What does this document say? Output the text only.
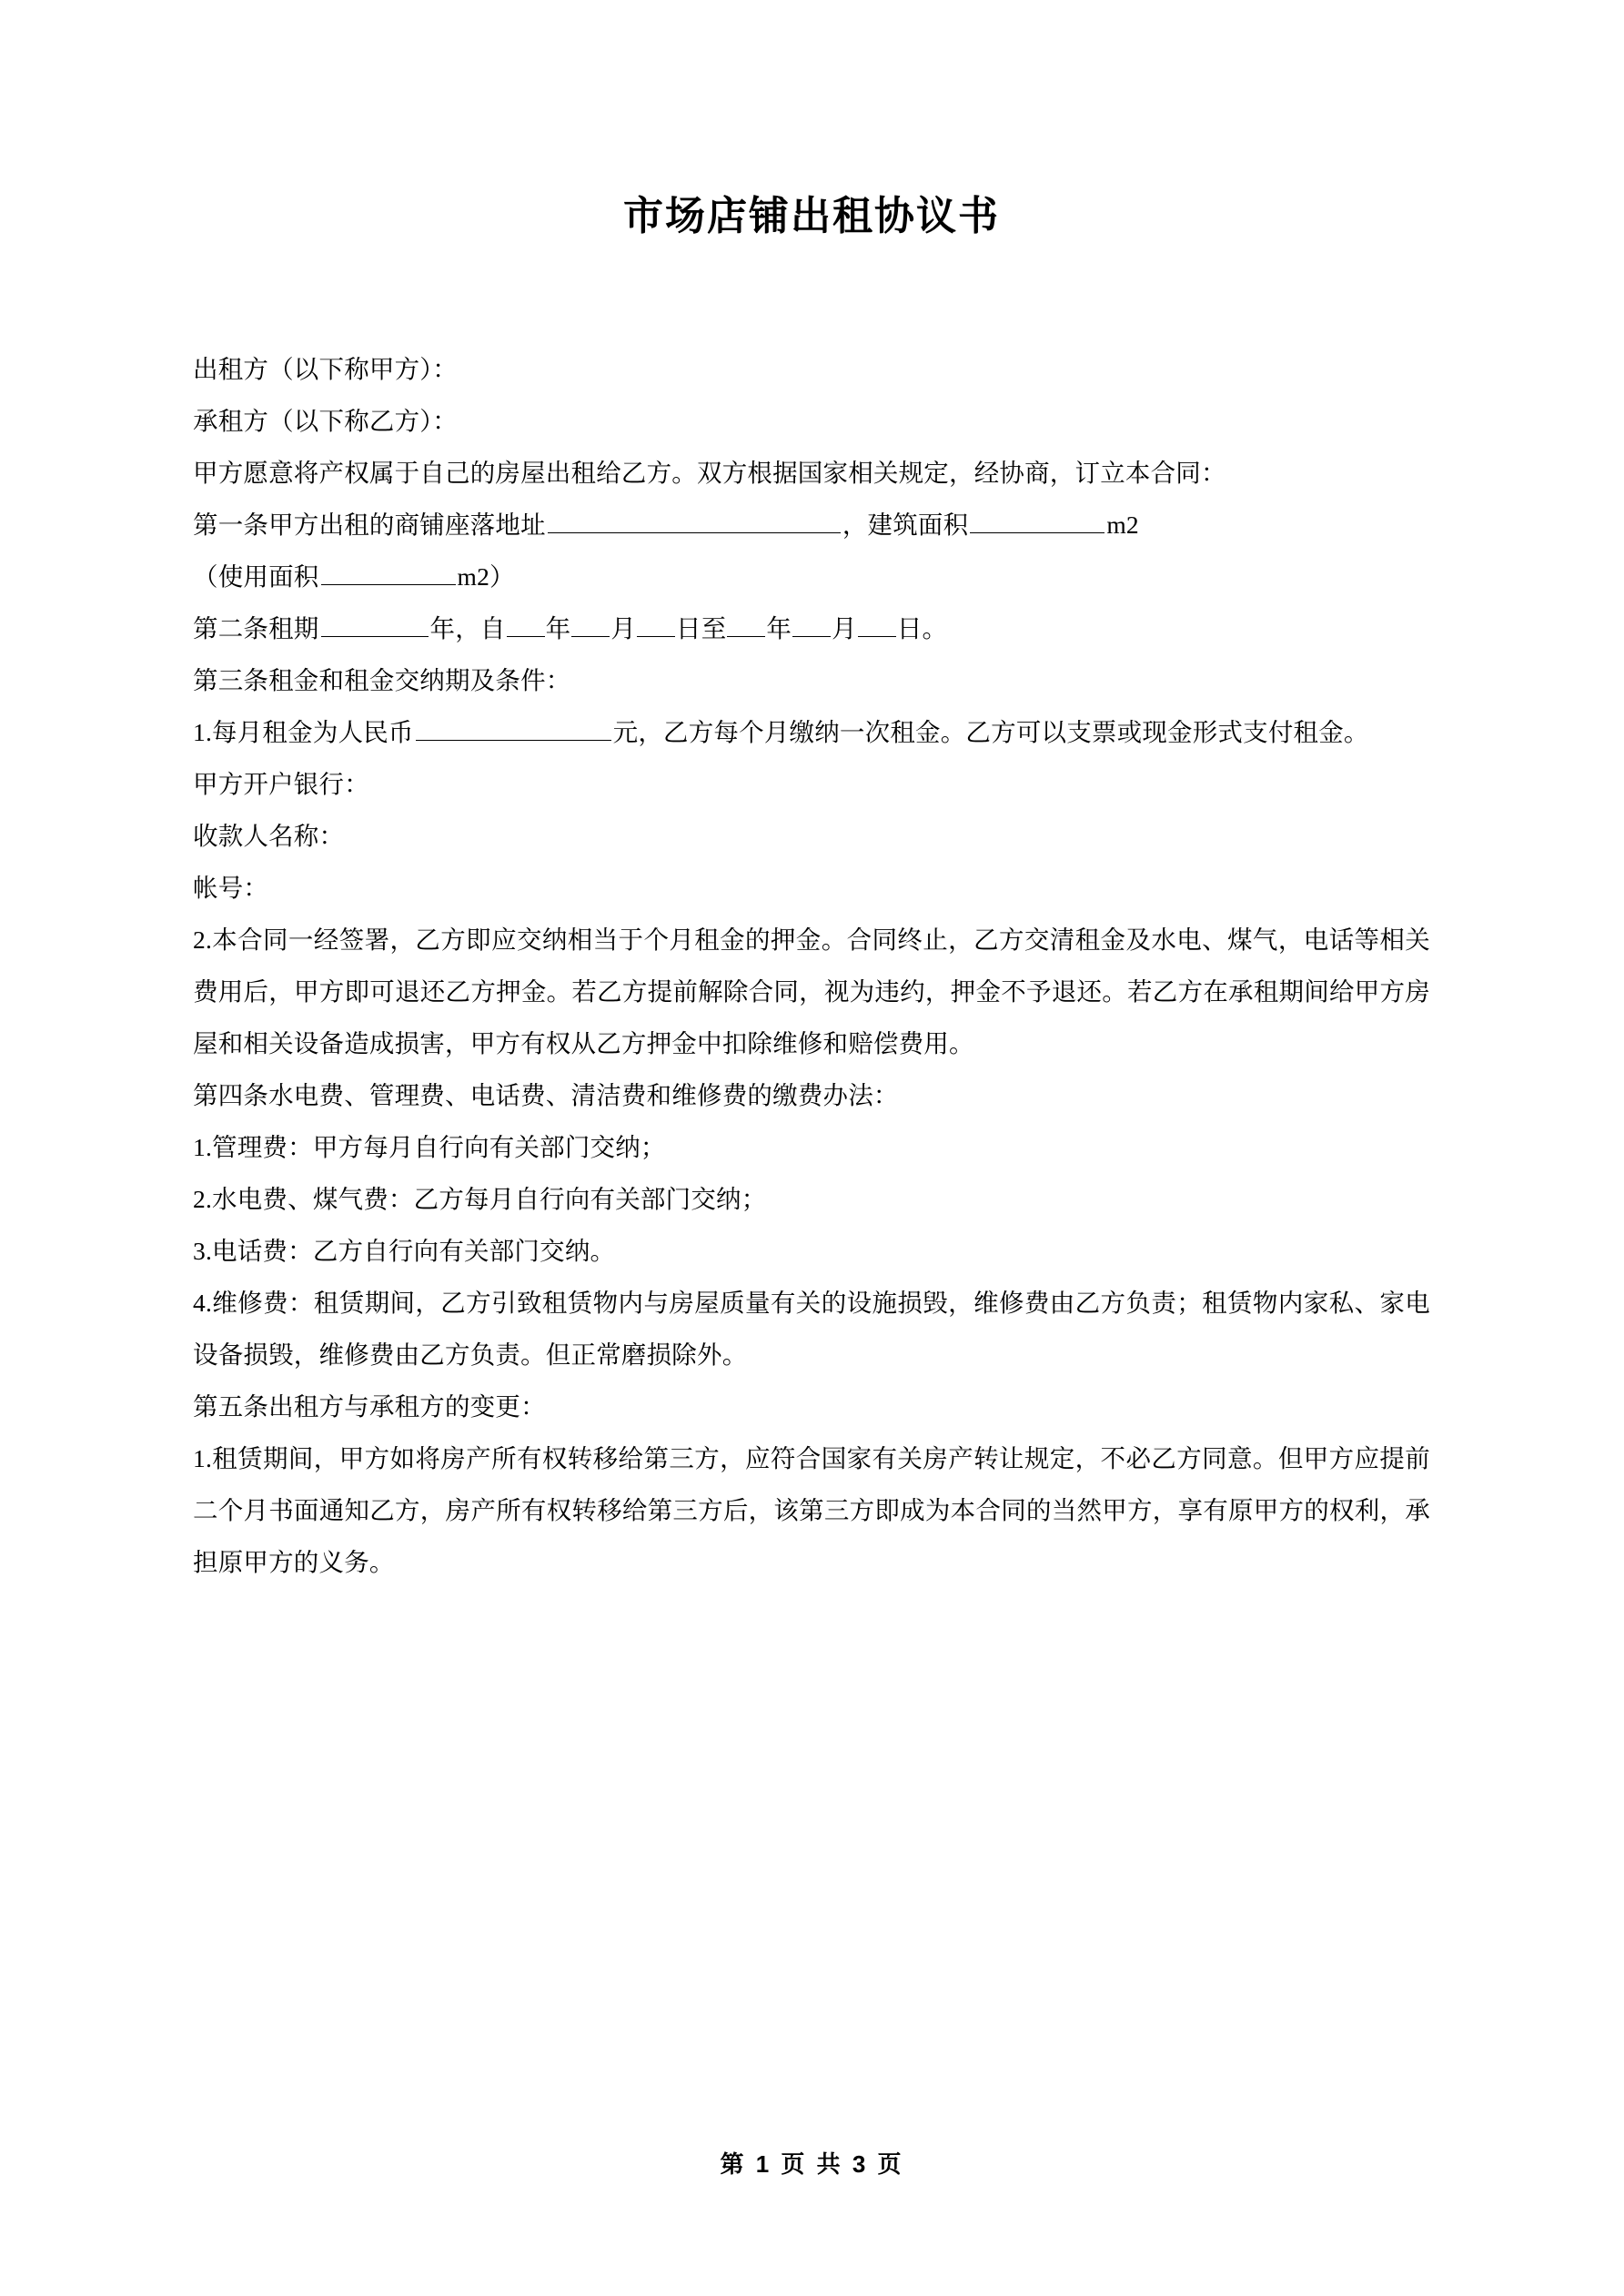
市场店铺出租协议书

出租方（以下称甲方）：

承租方（以下称乙方）：

甲方愿意将产权属于自己的房屋出租给乙方。双方根据国家相关规定，经协商，订立本合同：

第一条甲方出租的商铺座落地址	，建筑面积	m2

（使用面积	m2）

第二条租期	年，自 年 月 日至 年 月 日。

第三条租金和租金交纳期及条件：

1.每月租金为人民币	元，乙方每个月缴纳一次租金。乙方可以支票或现金形式支付租金。

甲方开户银行：

收款人名称：

帐号：

2.本合同一经签署，乙方即应交纳相当于个月租金的押金。合同终止，乙方交清租金及水电、煤气，电话等相关费用后，甲方即可退还乙方押金。若乙方提前解除合同，视为违约，押金不予退还。若乙方在承租期间给甲方房屋和相关设备造成损害，甲方有权从乙方押金中扣除维修和赔偿费用。

第四条水电费、管理费、电话费、清洁费和维修费的缴费办法：

1.管理费：甲方每月自行向有关部门交纳；

2.水电费、煤气费：乙方每月自行向有关部门交纳；

3.电话费：乙方自行向有关部门交纳。

4.维修费：租赁期间，乙方引致租赁物内与房屋质量有关的设施损毁，维修费由乙方负责；租赁物内家私、家电设备损毁，维修费由乙方负责。但正常磨损除外。

第五条出租方与承租方的变更：

1.租赁期间，甲方如将房产所有权转移给第三方，应符合国家有关房产转让规定，不必乙方同意。但甲方应提前二个月书面通知乙方，房产所有权转移给第三方后，该第三方即成为本合同的当然甲方，享有原甲方的权利，承担原甲方的义务。

第 1 页 共 3 页
